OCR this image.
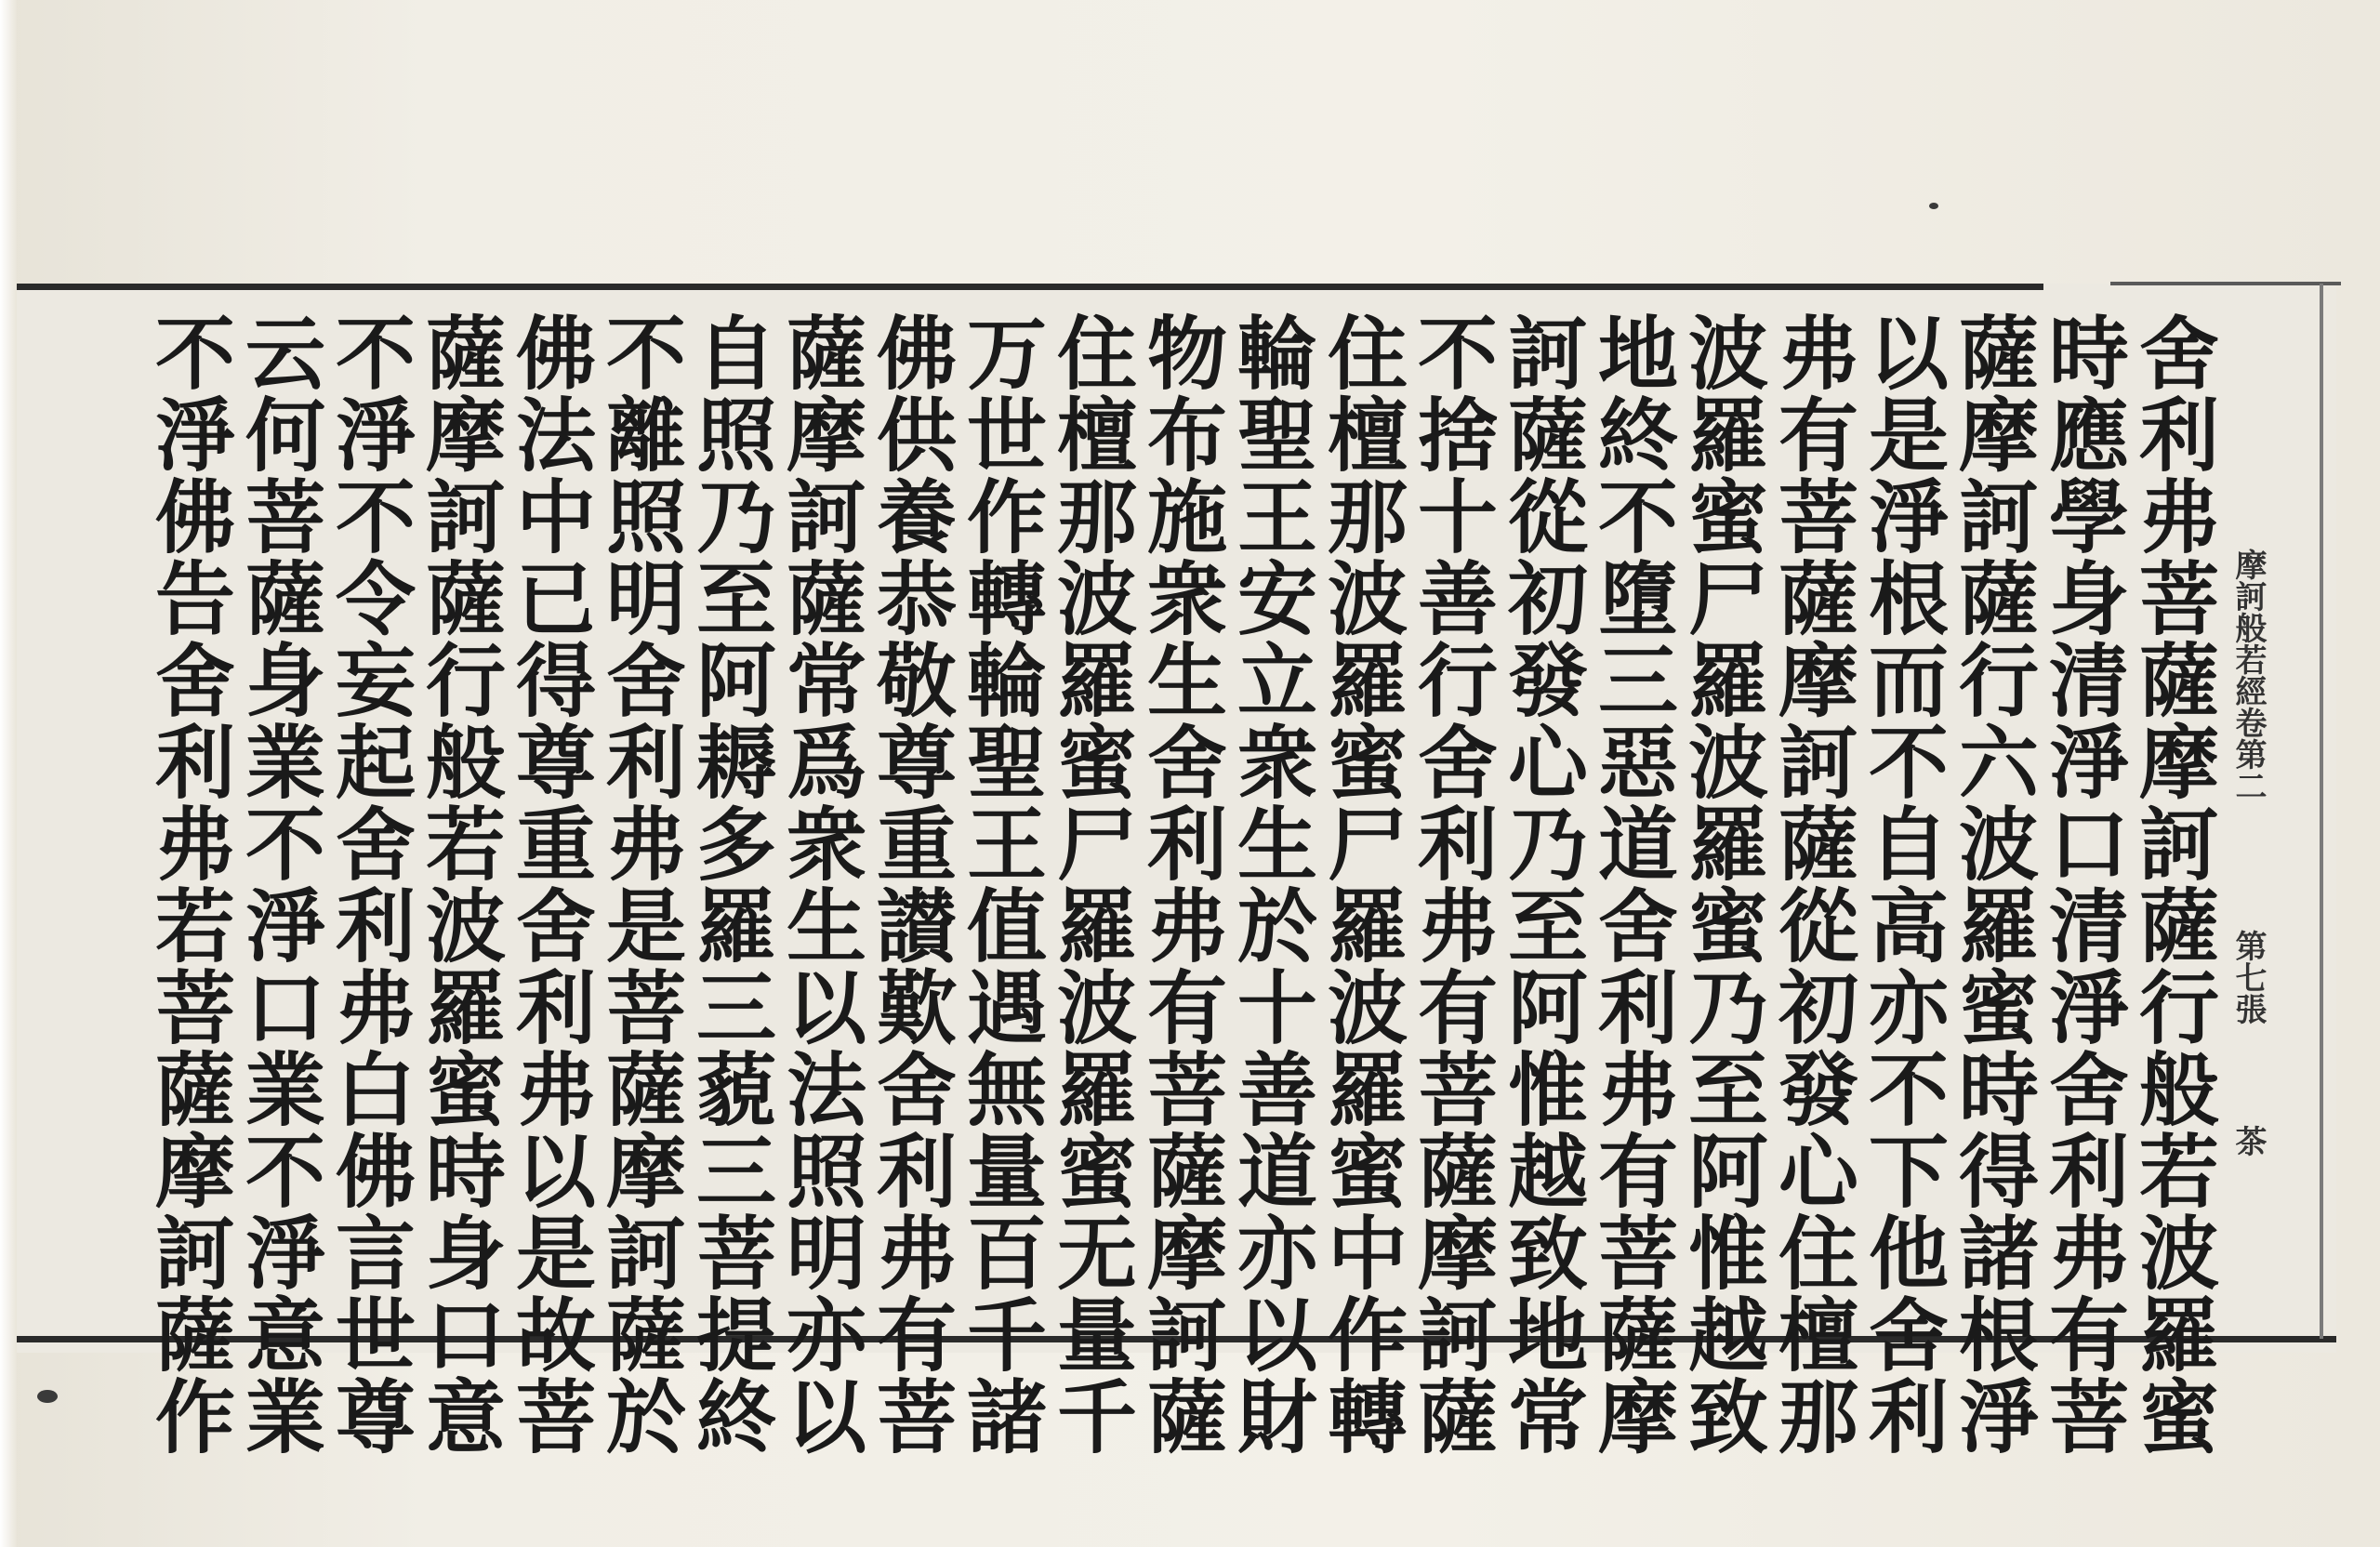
摩訶般若經卷第二
第七張
茶
舍利弗菩薩摩訶薩行般若波羅蜜
時應學身清淨口清淨舍利弗有菩
薩摩訶薩行六波羅蜜時得諸根淨
以是淨根而不自高亦不下他舍利
弗有菩薩摩訶薩從初發心住檀那
波羅蜜尸羅波羅蜜乃至阿惟越致
地終不墮三惡道舍利弗有菩薩摩
訶薩從初發心乃至阿惟越致地常
不捨十善行舍利弗有菩薩摩訶薩
住檀那波羅蜜尸羅波羅蜜中作轉
輪聖王安立衆生於十善道亦以財
物布施衆生舍利弗有菩薩摩訶薩
住檀那波羅蜜尸羅波羅蜜无量千
万世作轉輪聖王值遇無量百千諸
佛供養恭敬尊重讃歎舍利弗有菩
薩摩訶薩常爲衆生以法照明亦以
自照乃至阿耨多羅三藐三菩提終
不離照明舍利弗是菩薩摩訶薩於
佛法中已得尊重舍利弗以是故菩
薩摩訶薩行般若波羅蜜時身口意
不淨不令妄起舍利弗白佛言世尊
云何菩薩身業不淨口業不淨意業
不淨佛告舍利弗若菩薩摩訶薩作
